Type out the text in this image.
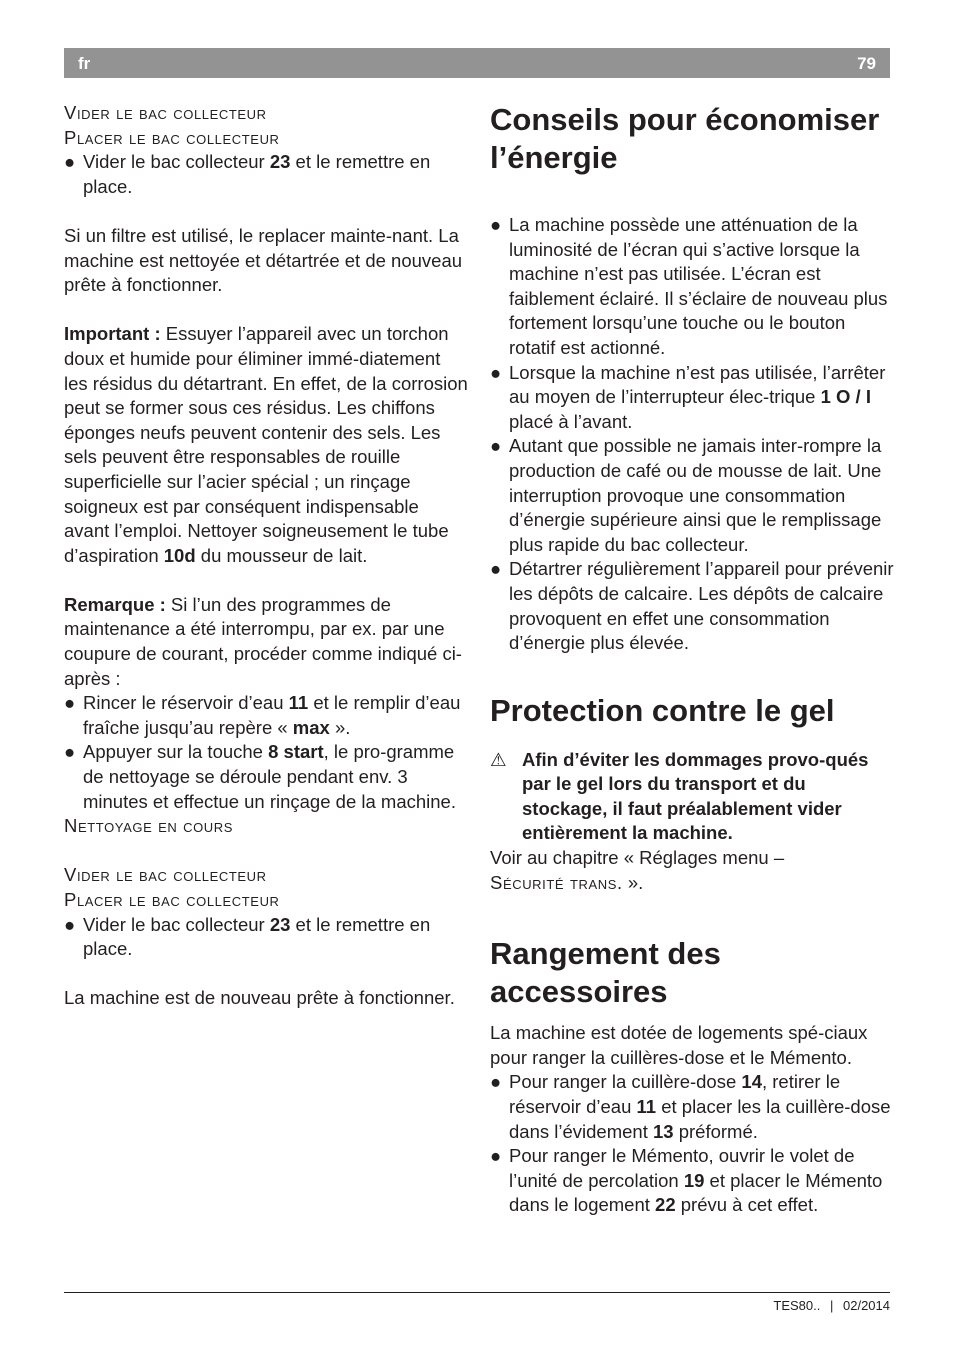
fr	79

Vider le bac collecteur

Placer le bac collecteur

● Vider le bac collecteur 23 et le remettre en place.

Si un filtre est utilisé, le replacer mainte-nant. La machine est nettoyée et détartrée et de nouveau prête à fonctionner.

Important : Essuyer l’appareil avec un torchon doux et humide pour éliminer immé-diatement les résidus du détartrant. En effet, de la corrosion peut se former sous ces résidus. Les chiffons éponges neufs peuvent contenir des sels. Les sels peuvent être responsables de rouille superficielle sur l’acier spécial ; un rinçage soigneux est par conséquent indispensable avant l’emploi. Nettoyer soigneusement le tube d’aspiration 10d du mousseur de lait.

Remarque : Si l’un des programmes de maintenance a été interrompu, par ex. par une coupure de courant, procéder comme indiqué ci-après :

● Rincer le réservoir d’eau 11 et le remplir d’eau fraîche jusqu’au repère « max ».
● Appuyer sur la touche 8 start, le pro-gramme de nettoyage se déroule pendant env. 3 minutes et effectue un rinçage de la machine.

Nettoyage en cours

Vider le bac collecteur

Placer le bac collecteur

● Vider le bac collecteur 23 et le remettre en place.

La machine est de nouveau prête à fonctionner.

Conseils pour économiser l’énergie
● La machine possède une atténuation de la luminosité de l’écran qui s’active lorsque la machine n’est pas utilisée. L’écran est faiblement éclairé. Il s’éclaire de nouveau plus fortement lorsqu’une touche ou le bouton rotatif est actionné.
● Lorsque la machine n’est pas utilisée, l’arrêter au moyen de l’interrupteur élec-trique 1 O / I placé à l’avant.
● Autant que possible ne jamais inter-rompre la production de café ou de mousse de lait. Une interruption provoque une consommation d’énergie supérieure ainsi que le remplissage plus rapide du bac collecteur.
● Détartrer régulièrement l’appareil pour prévenir les dépôts de calcaire. Les dépôts de calcaire provoquent en effet une consommation d’énergie plus élevée.
Protection contre le gel
⚠ Afin d’éviter les dommages provo-qués par le gel lors du transport et du stockage, il faut préalablement vider entièrement la machine.

Voir au chapitre « Réglages menu –

Sécurité trans. ».

Rangement des accessoires

La machine est dotée de logements spé-ciaux pour ranger la cuillères-dose et le Mémento.

● Pour ranger la cuillère-dose 14, retirer le réservoir d’eau 11 et placer les la cuillère-dose dans l’évidement 13 préformé.
● Pour ranger le Mémento, ouvrir le volet de l’unité de percolation 19 et placer le Mémento dans le logement 22 prévu à cet effet.
TES80.. | 02/2014
